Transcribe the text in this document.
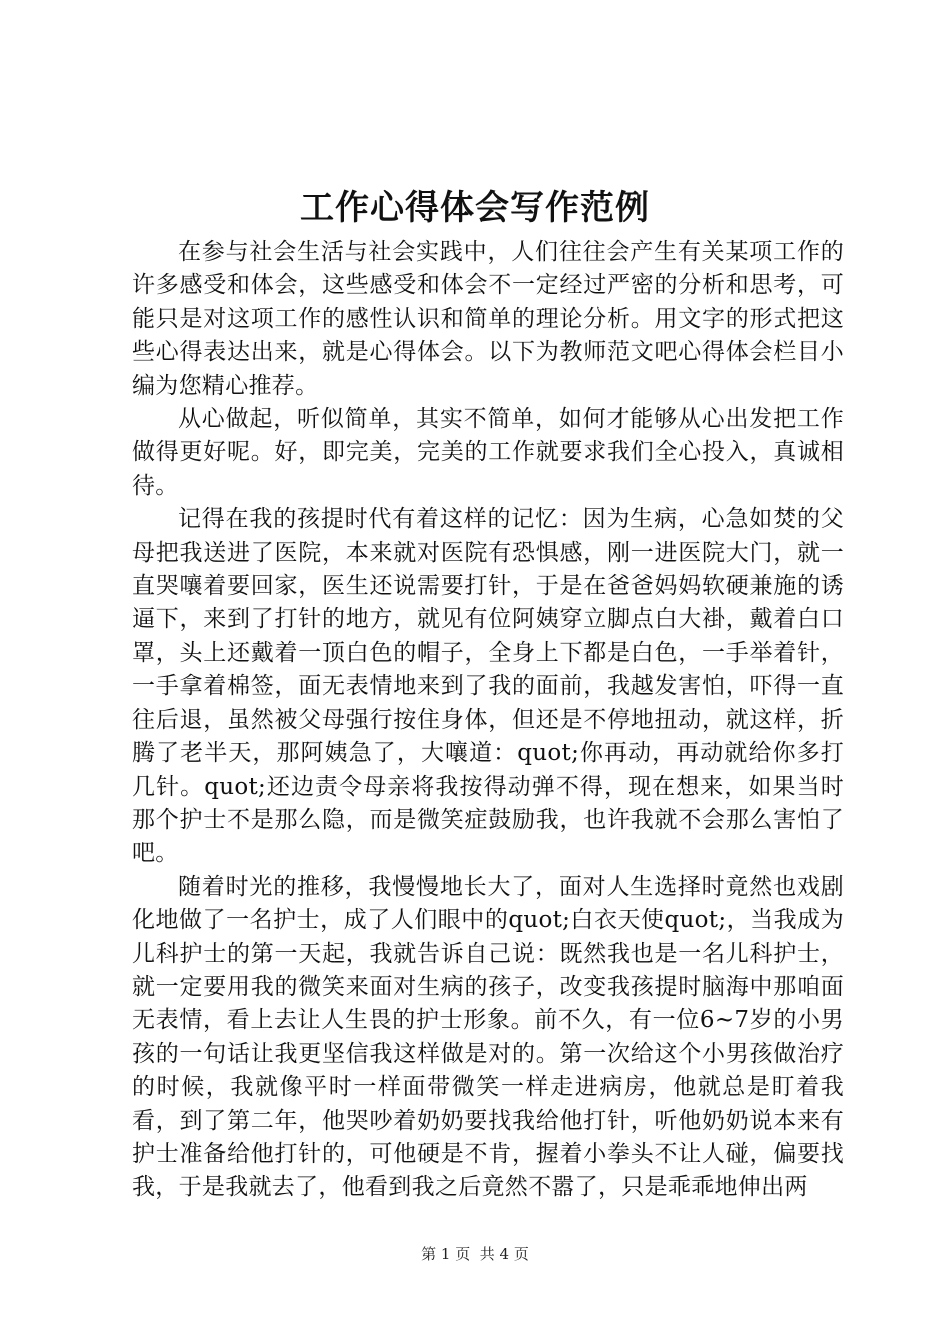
工作心得体会写作范例

在参与社会生活与社会实践中，人们往往会产生有关某项工作的许多感受和体会，这些感受和体会不一定经过严密的分析和思考，可能只是对这项工作的感性认识和简单的理论分析。用文字的形式把这些心得表达出来，就是心得体会。以下为教师范文吧心得体会栏目小编为您精心推荐。

从心做起，听似简单，其实不简单，如何才能够从心出发把工作做得更好呢。好，即完美，完美的工作就要求我们全心投入，真诚相待。

记得在我的孩提时代有着这样的记忆：因为生病，心急如焚的父母把我送进了医院，本来就对医院有恐惧感，刚一进医院大门，就一直哭嚷着要回家，医生还说需要打针，于是在爸爸妈妈软硬兼施的诱逼下，来到了打针的地方，就见有位阿姨穿立脚点白大褂，戴着白口罩，头上还戴着一顶白色的帽子，全身上下都是白色，一手举着针，一手拿着棉签，面无表情地来到了我的面前，我越发害怕，吓得一直往后退，虽然被父母强行按住身体，但还是不停地扭动，就这样，折腾了老半天，那阿姨急了，大嚷道：quot;你再动，再动就给你多打几针。quot;还边责令母亲将我按得动弹不得，现在想来，如果当时那个护士不是那么隐，而是微笑症鼓励我，也许我就不会那么害怕了吧。

随着时光的推移，我慢慢地长大了，面对人生选择时竟然也戏剧化地做了一名护士，成了人们眼中的quot;白衣天使quot;，当我成为儿科护士的第一天起，我就告诉自己说：既然我也是一名儿科护士，就一定要用我的微笑来面对生病的孩子，改变我孩提时脑海中那咱面无表情，看上去让人生畏的护士形象。前不久，有一位6~7岁的小男孩的一句话让我更坚信我这样做是对的。第一次给这个小男孩做治疗的时候，我就像平时一样面带微笑一样走进病房，他就总是盯着我看，到了第二年，他哭吵着奶奶要找我给他打针，听他奶奶说本来有护士准备给他打针的，可他硬是不肯，握着小拳头不让人碰，偏要找我，于是我就去了，他看到我之后竟然不嚣了，只是乖乖地伸出两

第 1 页  共 4 页
